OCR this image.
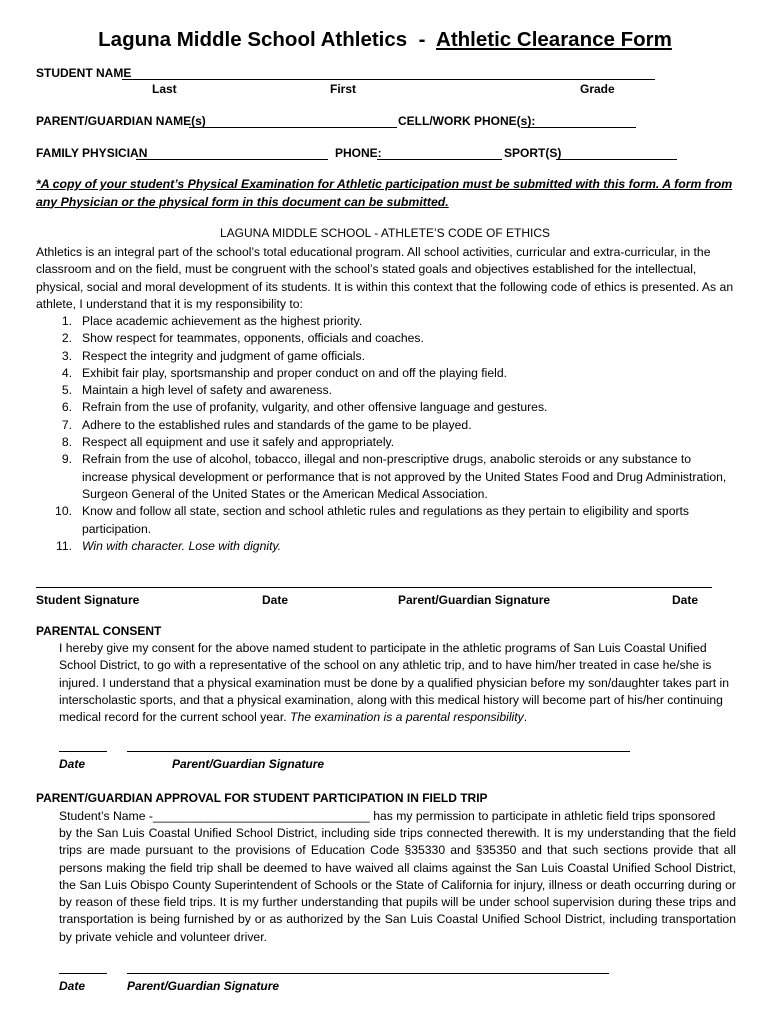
Laguna Middle School Athletics  -  Athletic Clearance Form
STUDENT NAME
Last	First	Grade
PARENT/GUARDIAN NAME(s)	CELL/WORK PHONE(s):
FAMILY PHYSICIAN	PHONE:	SPORT(S)
*A copy of your student’s Physical Examination for Athletic participation must be submitted with this form. A form from any Physician or the physical form in this document can be submitted.
LAGUNA MIDDLE SCHOOL - ATHLETE’S CODE OF ETHICS
Athletics is an integral part of the school’s total educational program. All school activities, curricular and extra-curricular, in the classroom and on the field, must be congruent with the school’s stated goals and objectives established for the intellectual, physical, social and moral development of its students. It is within this context that the following code of ethics is presented. As an athlete, I understand that it is my responsibility to:
1. Place academic achievement as the highest priority.
2. Show respect for teammates, opponents, officials and coaches.
3. Respect the integrity and judgment of game officials.
4. Exhibit fair play, sportsmanship and proper conduct on and off the playing field.
5. Maintain a high level of safety and awareness.
6. Refrain from the use of profanity, vulgarity, and other offensive language and gestures.
7. Adhere to the established rules and standards of the game to be played.
8. Respect all equipment and use it safely and appropriately.
9. Refrain from the use of alcohol, tobacco, illegal and non-prescriptive drugs, anabolic steroids or any substance to increase physical development or performance that is not approved by the United States Food and Drug Administration, Surgeon General of the United States or the American Medical Association.
10. Know and follow all state, section and school athletic rules and regulations as they pertain to eligibility and sports participation.
11. Win with character. Lose with dignity.
Student Signature	Date	Parent/Guardian Signature	Date
PARENTAL CONSENT
I hereby give my consent for the above named student to participate in the athletic programs of San Luis Coastal Unified School District, to go with a representative of the school on any athletic trip, and to have him/her treated in case he/she is injured. I understand that a physical examination must be done by a qualified physician before my son/daughter takes part in interscholastic sports, and that a physical examination, along with this medical history will become part of his/her continuing medical record for the current school year. The examination is a parental responsibility.
Date	Parent/Guardian Signature
PARENT/GUARDIAN APPROVAL FOR STUDENT PARTICIPATION IN FIELD TRIP
Student’s Name -________________________________ has my permission to participate in athletic field trips sponsored
by the San Luis Coastal Unified School District, including side trips connected therewith. It is my understanding that the field trips are made pursuant to the provisions of Education Code §35330 and §35350 and that such sections provide that all persons making the field trip shall be deemed to have waived all claims against the San Luis Coastal Unified School District, the San Luis Obispo County Superintendent of Schools or the State of California for injury, illness or death occurring during or by reason of these field trips. It is my further understanding that pupils will be under school supervision during these trips and transportation is being furnished by or as authorized by the San Luis Coastal Unified School District, including transportation by private vehicle and volunteer driver.
Date	Parent/Guardian Signature
